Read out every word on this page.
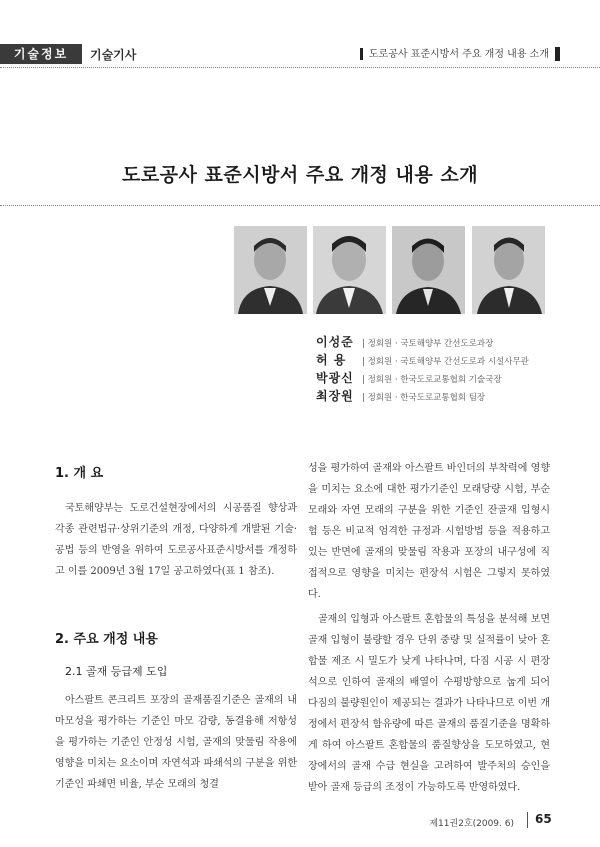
기술정보	기술기사	도로공사 표준시방서 주요 개정 내용 소개
도로공사 표준시방서 주요 개정 내용 소개
이성준 | 정회원 · 국토해양부 간선도로과장
허 용 | 정회원 · 국토해양부 간선도로과 시설사무관
박광신 | 정회원 · 한국도로교통협회 기술국장
최장원 | 정회원 · 한국도로교통협회 팀장
1. 개 요

국토해양부는 도로건설현장에서의 시공품질 향상과 각종 관련법규·상위기준의 개정, 다양하게 개발된 기술·공법 등의 반영을 위하여 도로공사표준시방서를 개정하고 이를 2009년 3월 17일 공고하였다(표 1 참조).

2. 주요 개정 내용
2.1 골재 등급제 도입

아스팔트 콘크리트 포장의 골재품질기준은 골재의 내마모성을 평가하는 기준인 마모 감량, 동결융해 저항성을 평가하는 기준인 안정성 시험, 골재의 맞물림 작용에 영향을 미치는 요소이며 자연석과 파쇄석의 구분을 위한 기준인 파쇄면 비율, 부순 모래의 청결

성을 평가하여 골재와 아스팔트 바인더의 부착력에 영향을 미치는 요소에 대한 평가기준인 모래당량 시험, 부순 모래와 자연 모래의 구분을 위한 기준인 잔골재 입형시험 등은 비교적 엄격한 규정과 시험방법 등을 적용하고 있는 반면에 골재의 맞물림 작용과 포장의 내구성에 직접적으로 영향을 미치는 편장석 시험은 그렇지 못하였다.

골재의 입형과 아스팔트 혼합물의 특성을 분석해 보면 골재 입형이 불량할 경우 단위 중량 및 실적률이 낮아 혼합물 제조 시 밀도가 낮게 나타나며, 다짐 시공 시 편장석으로 인하여 골재의 배열이 수평방향으로 눕게 되어 다짐의 불량원인이 제공되는 결과가 나타나므로 이번 개정에서 편장석 함유량에 따른 골재의 품질기준을 명확하게 하여 아스팔트 혼합물의 품질향상을 도모하였고, 현장에서의 골재 수급 현실을 고려하여 발주처의 승인을 받아 골재 등급의 조정이 가능하도록 반영하였다.

제11권2호(2009. 6) 65
